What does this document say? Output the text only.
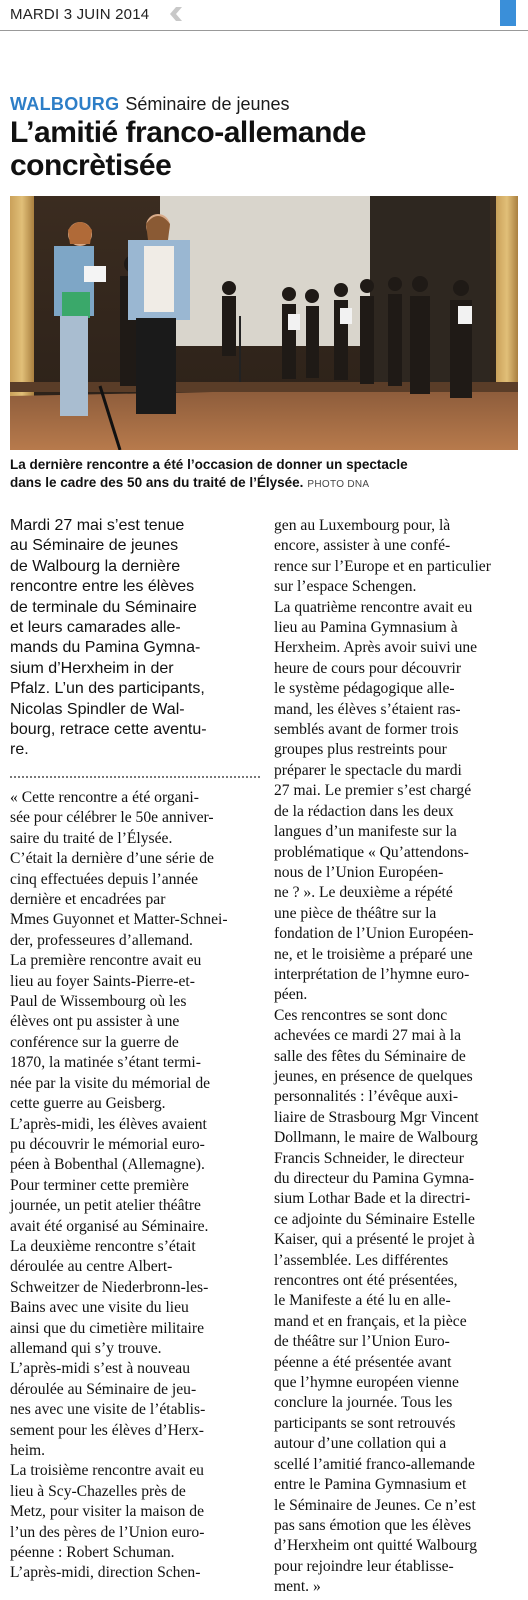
MARDI 3 JUIN 2014
WALBOURG Séminaire de jeunes
L’amitié franco-allemande
concrètisée
La dernière rencontre a été l’occasion de donner un spectacle
dans le cadre des 50 ans du traité de l’Élysée. PHOTO DNA
Mardi 27 mai s’est tenue
au Séminaire de jeunes
de Walbourg la dernière
rencontre entre les élèves
de terminale du Séminaire
et leurs camarades alle-
mands du Pamina Gymna-
sium d’Herxheim in der
Pfalz. L’un des participants,
Nicolas Spindler de Wal-
bourg, retrace cette aventu-
re.
« Cette rencontre a été organi-
sée pour célébrer le 50e anniver-
saire du traité de l’Élysée.
C’était la dernière d’une série de
cinq effectuées depuis l’année
dernière et encadrées par
Mmes Guyonnet et Matter-Schnei-
der, professeures d’allemand.
La première rencontre avait eu
lieu au foyer Saints-Pierre-et-
Paul de Wissembourg où les
élèves ont pu assister à une
conférence sur la guerre de
1870, la matinée s’étant termi-
née par la visite du mémorial de
cette guerre au Geisberg.
L’après-midi, les élèves avaient
pu découvrir le mémorial euro-
péen à Bobenthal (Allemagne).
Pour terminer cette première
journée, un petit atelier théâtre
avait été organisé au Séminaire.
La deuxième rencontre s’était
déroulée au centre Albert-
Schweitzer de Niederbronn-les-
Bains avec une visite du lieu
ainsi que du cimetière militaire
allemand qui s’y trouve.
L’après-midi s’est à nouveau
déroulée au Séminaire de jeu-
nes avec une visite de l’établis-
sement pour les élèves d’Herx-
heim.
La troisième rencontre avait eu
lieu à Scy-Chazelles près de
Metz, pour visiter la maison de
l’un des pères de l’Union euro-
péenne : Robert Schuman.
L’après-midi, direction Schen-
gen au Luxembourg pour, là
encore, assister à une confé-
rence sur l’Europe et en particulier
sur l’espace Schengen.
La quatrième rencontre avait eu
lieu au Pamina Gymnasium à
Herxheim. Après avoir suivi une
heure de cours pour découvrir
le système pédagogique alle-
mand, les élèves s’étaient ras-
semblés avant de former trois
groupes plus restreints pour
préparer le spectacle du mardi
27 mai. Le premier s’est chargé
de la rédaction dans les deux
langues d’un manifeste sur la
problématique « Qu’attendons-
nous de l’Union Européen-
ne ? ». Le deuxième a répété
une pièce de théâtre sur la
fondation de l’Union Européen-
ne, et le troisième a préparé une
interprétation de l’hymne euro-
péen.
Ces rencontres se sont donc
achevées ce mardi 27 mai à la
salle des fêtes du Séminaire de
jeunes, en présence de quelques
personnalités : l’évêque auxi-
liaire de Strasbourg Mgr Vincent
Dollmann, le maire de Walbourg
Francis Schneider, le directeur
du directeur du Pamina Gymna-
sium Lothar Bade et la directri-
ce adjointe du Séminaire Estelle
Kaiser, qui a présenté le projet à
l’assemblée. Les différentes
rencontres ont été présentées,
le Manifeste a été lu en alle-
mand et en français, et la pièce
de théâtre sur l’Union Euro-
péenne a été présentée avant
que l’hymne européen vienne
conclure la journée. Tous les
participants se sont retrouvés
autour d’une collation qui a
scellé l’amitié franco-allemande
entre le Pamina Gymnasium et
le Séminaire de Jeunes. Ce n’est
pas sans émotion que les élèves
d’Herxheim ont quitté Walbourg
pour rejoindre leur établisse-
ment. »
